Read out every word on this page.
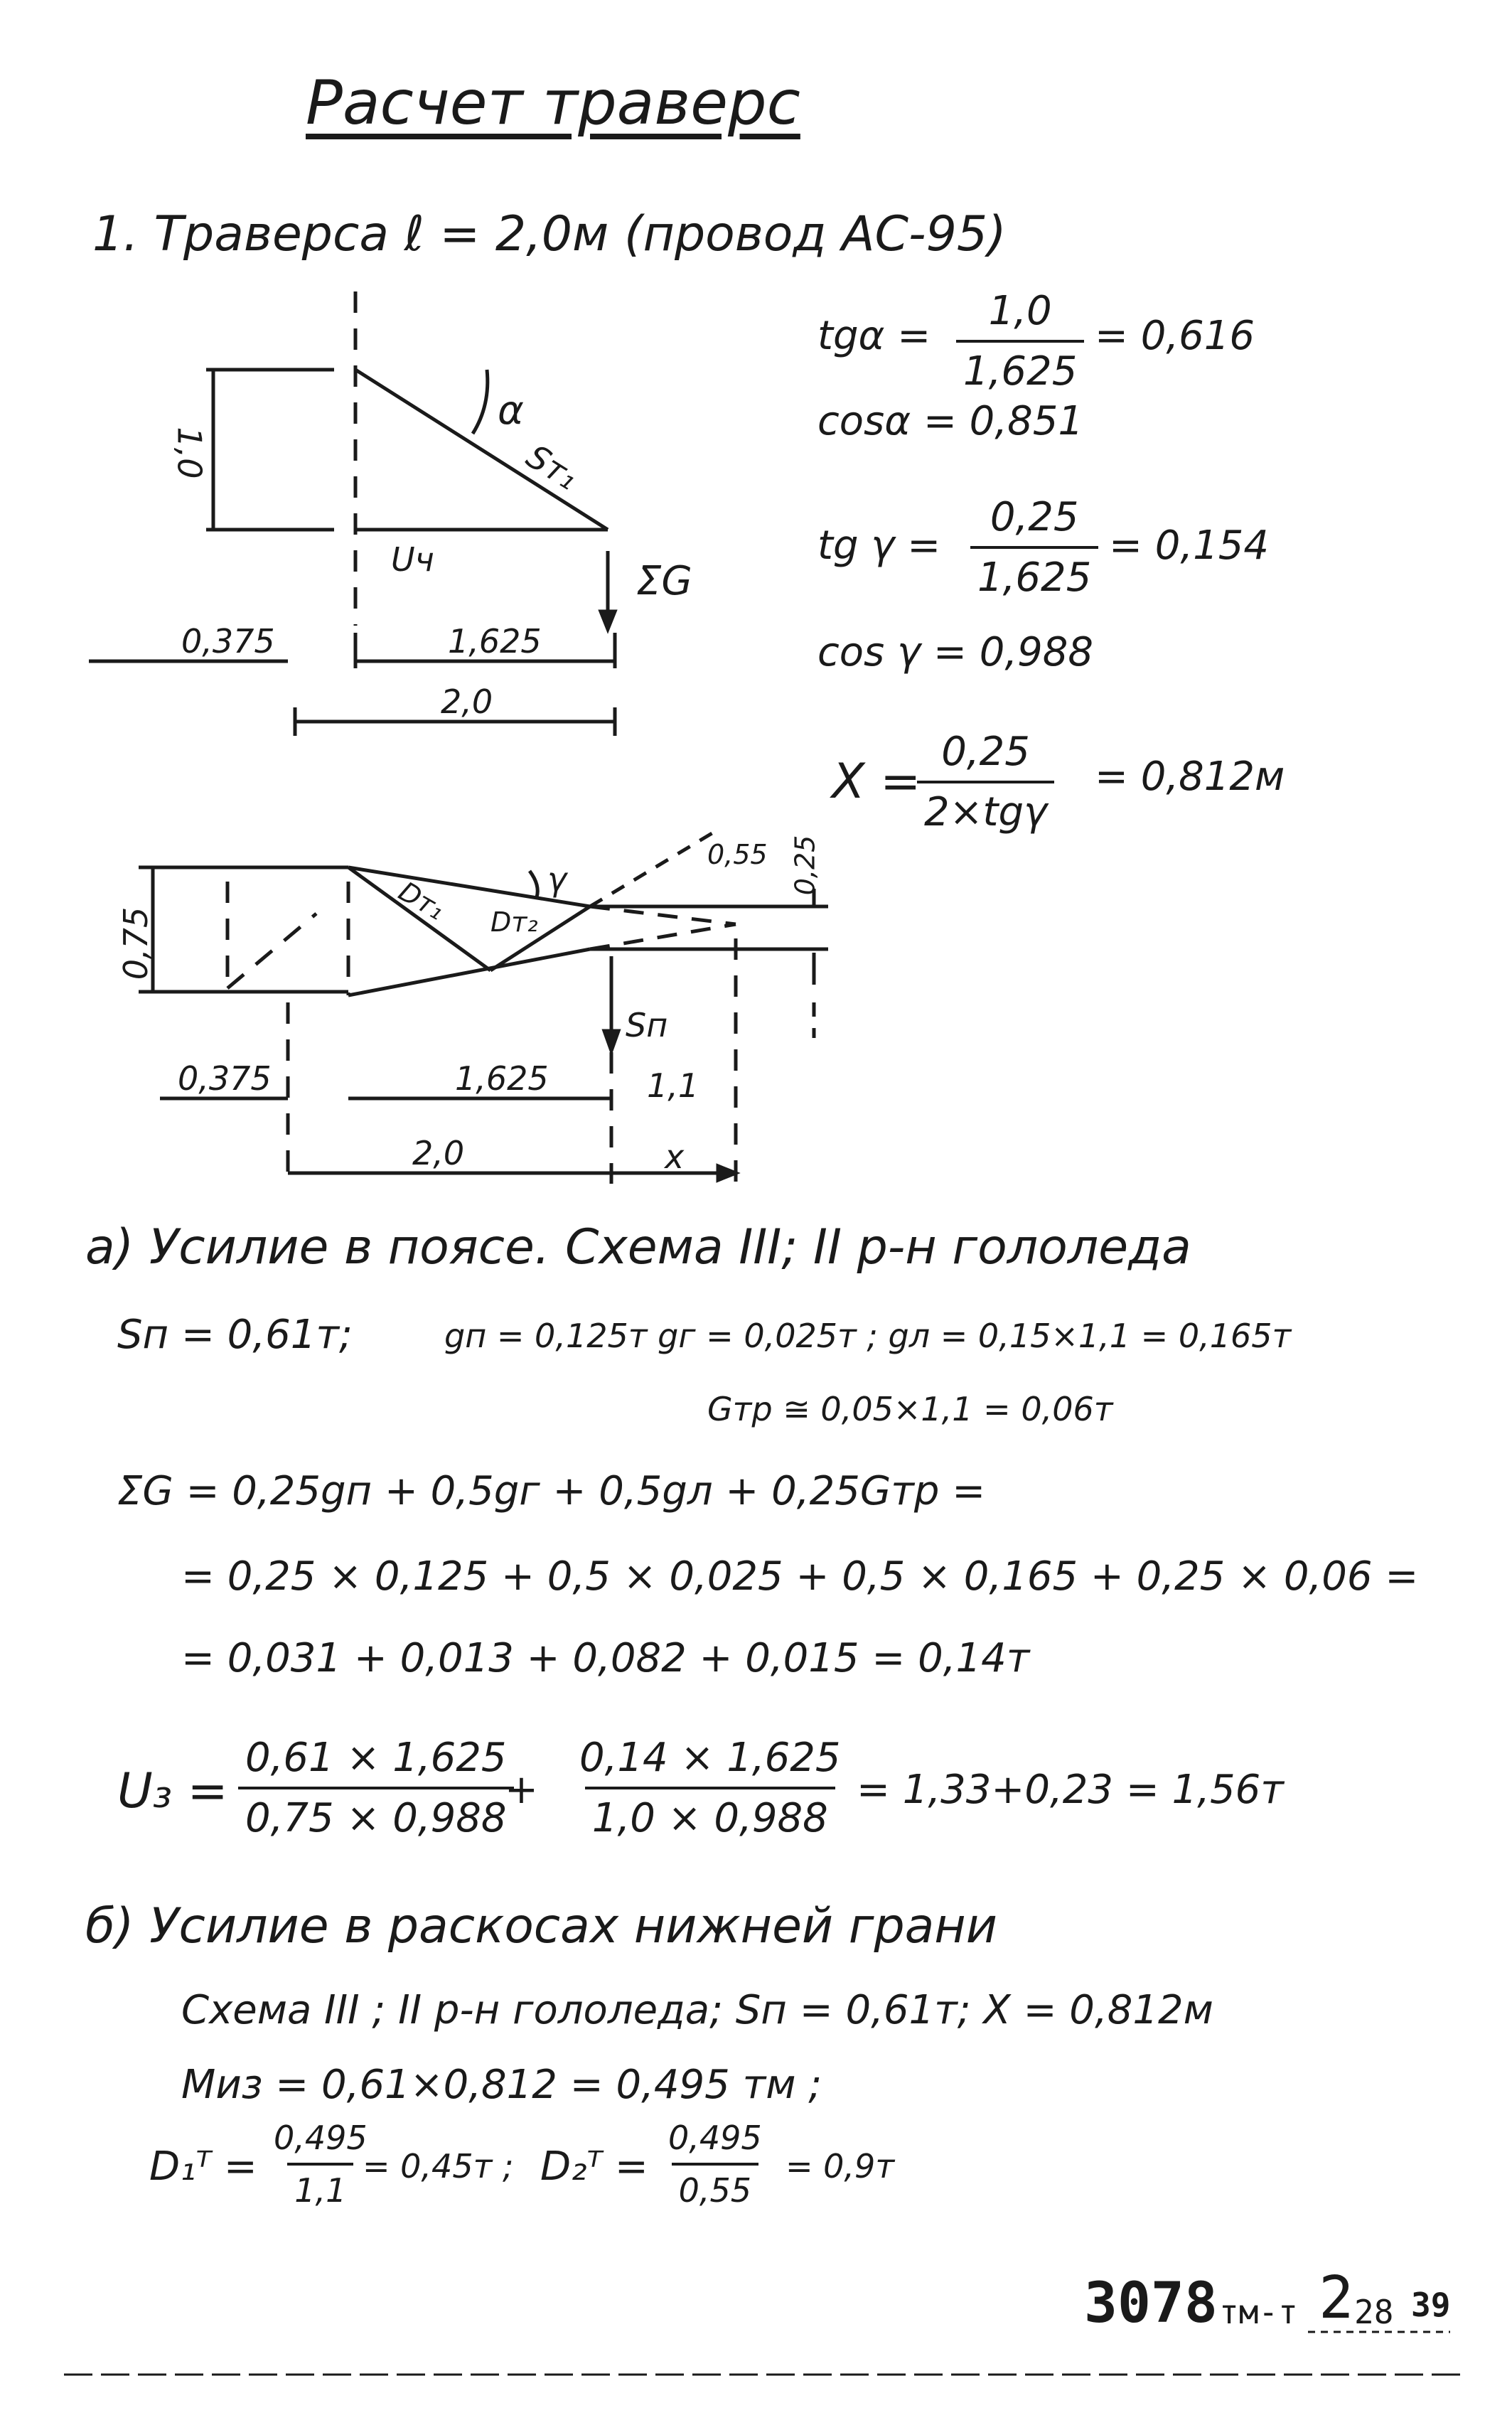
Расчет траверс
1. Траверса ℓ = 2,0м (провод АС-95)
$tg\alpha = \frac{1,0}{1,625} = 0,616$
cosα = 0,851
tg $\gamma = \frac{0,25}{1,625} = 0,154$
cos γ = 0,988
X =
0,25
2×tgγ
= 0,812м
1,0
α
Sт₁
Uч	ΣG
0,375	1,625
2,0
0,75
γ
Dт₁ Dт₂
0,55 0,25
Sп
0,375	1,625	1,1
2,0	x
а) Усилие в поясе. Схема III; II р-н гололеда
Sп = 0,61т;	gп = 0,125т gг = 0,025т ; gл = 0,15×1,1 = 0,165т
Gтр ≅ 0,05×1,1 = 0,06т
ΣG = 0,25gп + 0,5gг + 0,5gл + 0,25Gтр =
= 0,25 × 0,125 + 0,5 × 0,025 + 0,5 × 0,165 + 0,25 × 0,06 =
= 0,031 + 0,013 + 0,082 + 0,015 = 0,14т
$U_3 = \frac{0,61 \times 1,625}{0,75 \times 0,988}$
+ $\frac{0,14 \times 1,625}{1,0 \times 0,988} = 1,33+0,23 = 1,56т$
б) Усилие в раскосах нижней грани
Схема III ; II р-н гололеда; Sп = 0,61т; X = 0,812м
Mиз = 0,61×0,812 = 0,495 тм ;
D₁ᵀ = $\frac{0,495}{1,1}$
= 0,45т ; D₂ᵀ = $\frac{0,495}{0,55} = 0,9т$
3078 тм-т 2 28 39
